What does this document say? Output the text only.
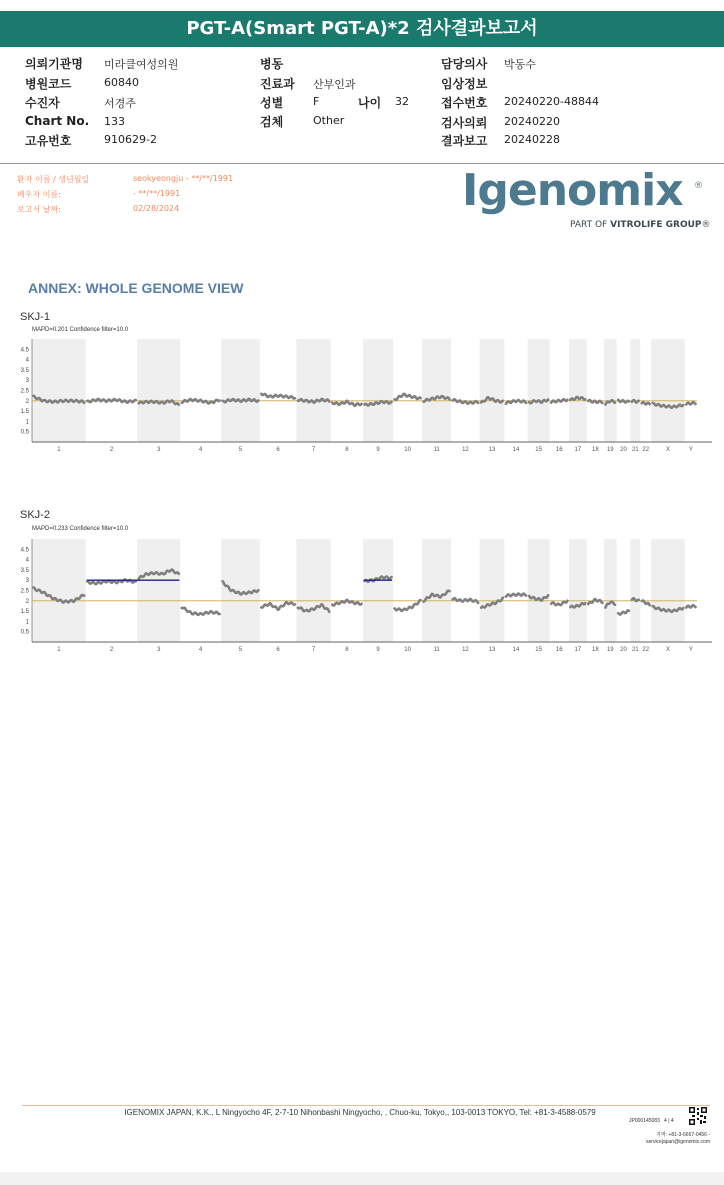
PGT-A(Smart PGT-A)*2 검사결과보고서
의뢰기관명 미라클여성의원
병원코드	60840
수진자	서경주
Chart No. 133
고유번호	910629-2
병동
진료과 산부인과
성별	F	나이 32
검체	Other
담당의사 박동수
임상정보
접수번호 20240220-48844
검사의뢰 20240220
결과보고 20240228
환자 이름 / 생년월일	seokyeongju - **/**/1991
배우자 이름:	- **/**/1991
보고서 날짜:	02/28/2024	Igenomix ®
PART OF VITROLIFE GROUP®
ANNEX: WHOLE GENOME VIEW
SKJ-1
MAPD=0.201 Confidence filter=10.0
1	2	3	4	5	6	7	8	9	10	11	12	13	14	15 16 17 18 19 20 21 22	X	Y
4.5
4
3.5
3
2.5
2
1.5
1
0.5
SKJ-2
MAPD=0.233 Confidence filter=10.0
1	2	3	4	5	6	7	8	9	10	11	12	13	14	15 16 17 18 19 20 21 22	X	Y
4.5
4
3.5
3
2.5
2
1.5
1
0.5
IGENOMIX JAPAN, K.K., L Ningyocho 4F, 2-7-10 Nihonbashi Ningyocho, , Chuo-ku, Tokyo,, 103-0013 TOKYO, Tel: +81-3-4588-0579
JP000145083 4 | 4
지역: +81-3-6667-0456 -
servicejapan@igenomix.com
